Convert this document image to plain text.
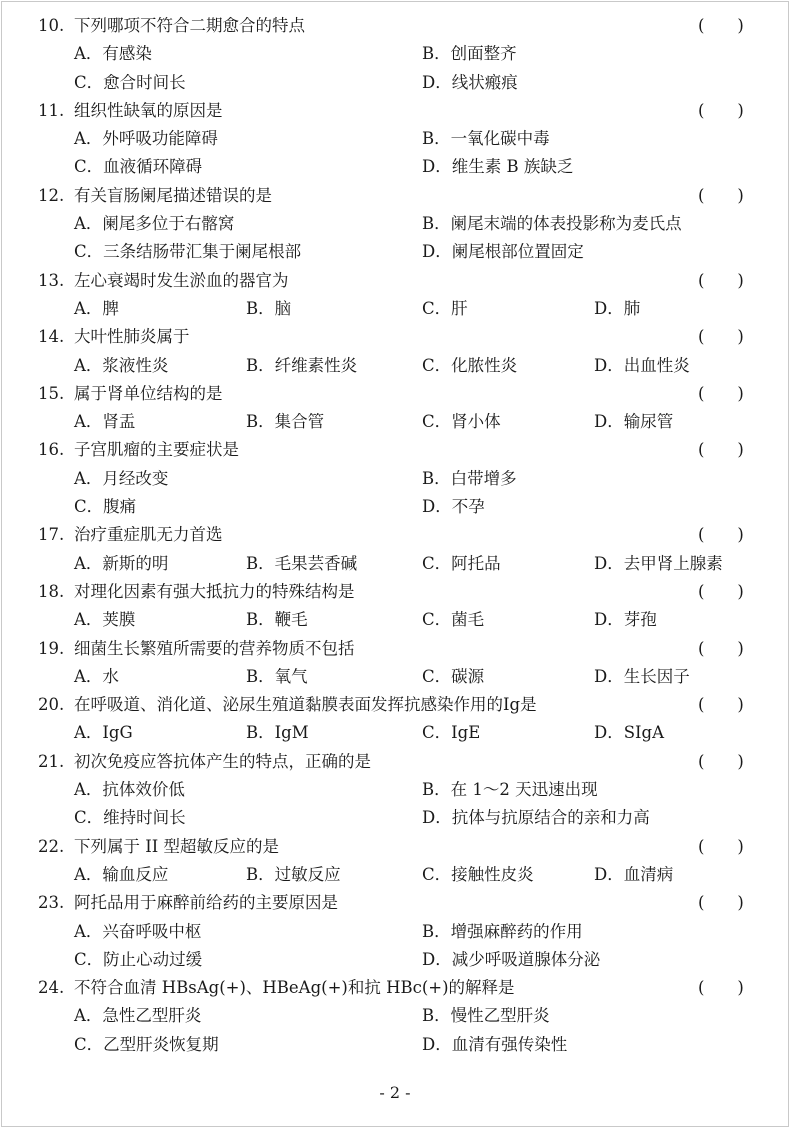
10. 下列哪项不符合二期愈合的特点	(　　)
A．有感染	B．创面整齐
C．愈合时间长	D．线状瘢痕
11. 组织性缺氧的原因是	(　　)
A．外呼吸功能障碍	B．一氧化碳中毒
C．血液循环障碍	D．维生素 B 族缺乏
12. 有关盲肠阑尾描述错误的是	(　　)
A．阑尾多位于右髂窝	B．阑尾末端的体表投影称为麦氏点
C．三条结肠带汇集于阑尾根部	D．阑尾根部位置固定
13. 左心衰竭时发生淤血的器官为	(　　)
A．脾	B．脑	C．肝	D．肺
14. 大叶性肺炎属于	(　　)
A．浆液性炎	B．纤维素性炎	C．化脓性炎	D．出血性炎
15. 属于肾单位结构的是	(　　)
A．肾盂	B．集合管	C．肾小体	D．输尿管
16. 子宫肌瘤的主要症状是	(　　)
A．月经改变	B．白带增多
C．腹痛	D．不孕
17. 治疗重症肌无力首选	(　　)
A．新斯的明	B．毛果芸香碱	C．阿托品	D．去甲肾上腺素
18. 对理化因素有强大抵抗力的特殊结构是	(　　)
A．荚膜	B．鞭毛	C．菌毛	D．芽孢
19. 细菌生长繁殖所需要的营养物质不包括	(　　)
A．水	B．氧气	C．碳源	D．生长因子
20. 在呼吸道、消化道、泌尿生殖道黏膜表面发挥抗感染作用的Ig是	(　　)
A．IgG	B．IgM	C．IgE	D．SIgA
21. 初次免疫应答抗体产生的特点，正确的是	(　　)
A．抗体效价低	B．在 1～2 天迅速出现
C．维持时间长	D．抗体与抗原结合的亲和力高
22. 下列属于 II 型超敏反应的是	(　　)
A．输血反应	B．过敏反应	C．接触性皮炎	D．血清病
23. 阿托品用于麻醉前给药的主要原因是	(　　)
A．兴奋呼吸中枢	B．增强麻醉药的作用
C．防止心动过缓	D．减少呼吸道腺体分泌
24. 不符合血清 HBsAg(+)、HBeAg(+)和抗 HBc(+)的解释是	(　　)
A．急性乙型肝炎	B．慢性乙型肝炎
C．乙型肝炎恢复期	D．血清有强传染性
- 2 -
